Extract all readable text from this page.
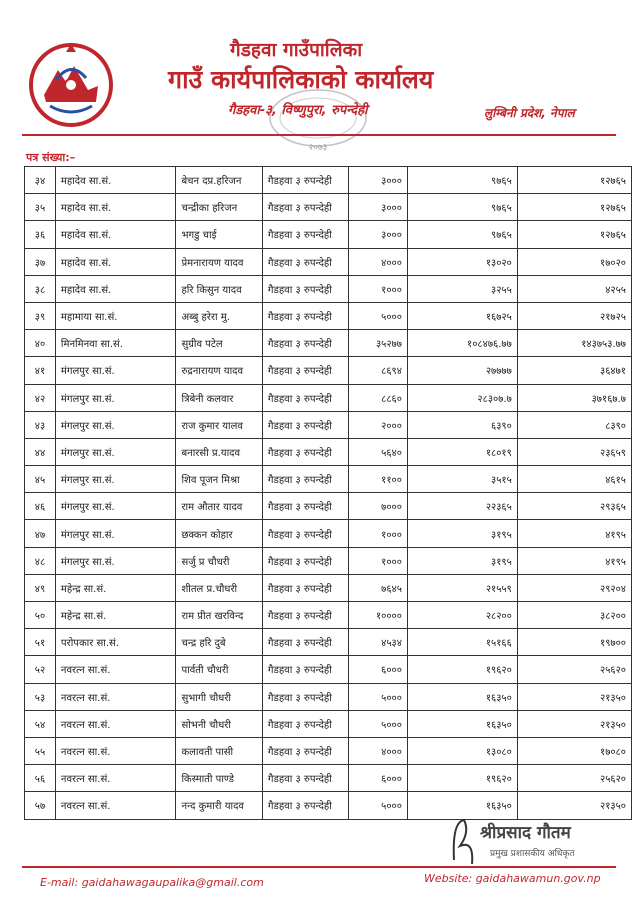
गैडहवा गाउँपालिका
गाउँ कार्यपालिकाको कार्यालय
२०७३
गैडहवा-३, विष्णुपुरा, रुपन्देही	लुम्बिनी प्रदेश, नेपाल
पत्र संख्या:–
३४	महादेव सा.सं.	बेचन दप्र.हरिजन	गैडहवा ३ रुपन्देही	३०००	९७६५	१२७६५
३५	महादेव सा.सं.	चन्द्रीका हरिजन	गैडहवा ३ रुपन्देही	३०००	९७६५	१२७६५
३६	महादेव सा.सं.	भगडु चाई	गैडहवा ३ रुपन्देही	३०००	९७६५	१२७६५
३७	महादेव सा.सं.	प्रेमनारायण यादव	गैडहवा ३ रुपन्देही	४०००	१३०२०	१७०२०
३८	महादेव सा.सं.	हरि किसुन यादव	गैडहवा ३ रुपन्देही	१०००	३२५५	४२५५
३९	महामाया सा.सं.	अब्बु हरेरा मु.	गैडहवा ३ रुपन्देही	५०००	१६७२५	२१७२५
४०	मिनमिनवा सा.सं.	सुग्रीव पटेल	गैडहवा ३ रुपन्देही	३५२७७	१०८४७६.७७	१४३७५३.७७
४१	मंगलपुर सा.सं.	रुद्रनारायण यादव	गैडहवा ३ रुपन्देही	८६९४	२७७७७	३६४७१
४२	मंगलपुर सा.सं.	त्रिबेनी कलवार	गैडहवा ३ रुपन्देही	८८६०	२८३०७.७	३७१६७.७
४३	मंगलपुर सा.सं.	राज कुमार यालव	गैडहवा ३ रुपन्देही	२०००	६३९०	८३९०
४४	मंगलपुर सा.सं.	बनारसी प्र.यादव	गैडहवा ३ रुपन्देही	५६४०	१८०१९	२३६५९
४५	मंगलपुर सा.सं.	शिव पूजन मिश्रा	गैडहवा ३ रुपन्देही	११००	३५१५	४६१५
४६	मंगलपुर सा.सं.	राम औतार यादव	गैडहवा ३ रुपन्देही	७०००	२२३६५	२९३६५
४७	मंगलपुर सा.सं.	छक्कन कोहार	गैडहवा ३ रुपन्देही	१०००	३१९५	४१९५
४८	मंगलपुर सा.सं.	सर्जु प्र चौधरी	गैडहवा ३ रुपन्देही	१०००	३१९५	४१९५
४९	महेन्द्र सा.सं.	शीतल प्र.चौधरी	गैडहवा ३ रुपन्देही	७६४५	२१५५९	२९२०४
५०	महेन्द्र सा.सं.	राम प्रीत खरविन्द	गैडहवा ३ रुपन्देही	१००००	२८२००	३८२००
५१	परोपकार सा.सं.	चन्द्र हरि दुबे	गैडहवा ३ रुपन्देही	४५३४	१५१६६	१९७००
५२	नवरत्न सा.सं.	पार्वती चौधरी	गैडहवा ३ रुपन्देही	६०००	१९६२०	२५६२०
५३	नवरत्न सा.सं.	सुभागी चौधरी	गैडहवा ३ रुपन्देही	५०००	१६३५०	२१३५०
५४	नवरत्न सा.सं.	सोभनी चौधरी	गैडहवा ३ रुपन्देही	५०००	१६३५०	२१३५०
५५	नवरत्न सा.सं.	कलावती पासी	गैडहवा ३ रुपन्देही	४०००	१३०८०	१७०८०
५६	नवरत्न सा.सं.	किस्माती पाण्डे	गैडहवा ३ रुपन्देही	६०००	१९६२०	२५६२०
५७	नवरत्न सा.सं.	नन्द कुमारी यादव	गैडहवा ३ रुपन्देही	५०००	१६३५०	२१३५०
श्रीप्रसाद गौतम
प्रमुख प्रशासकीय अधिकृत
E-mail: gaidahawagaupalika@gmail.com	Website: gaidahawamun.gov.np
